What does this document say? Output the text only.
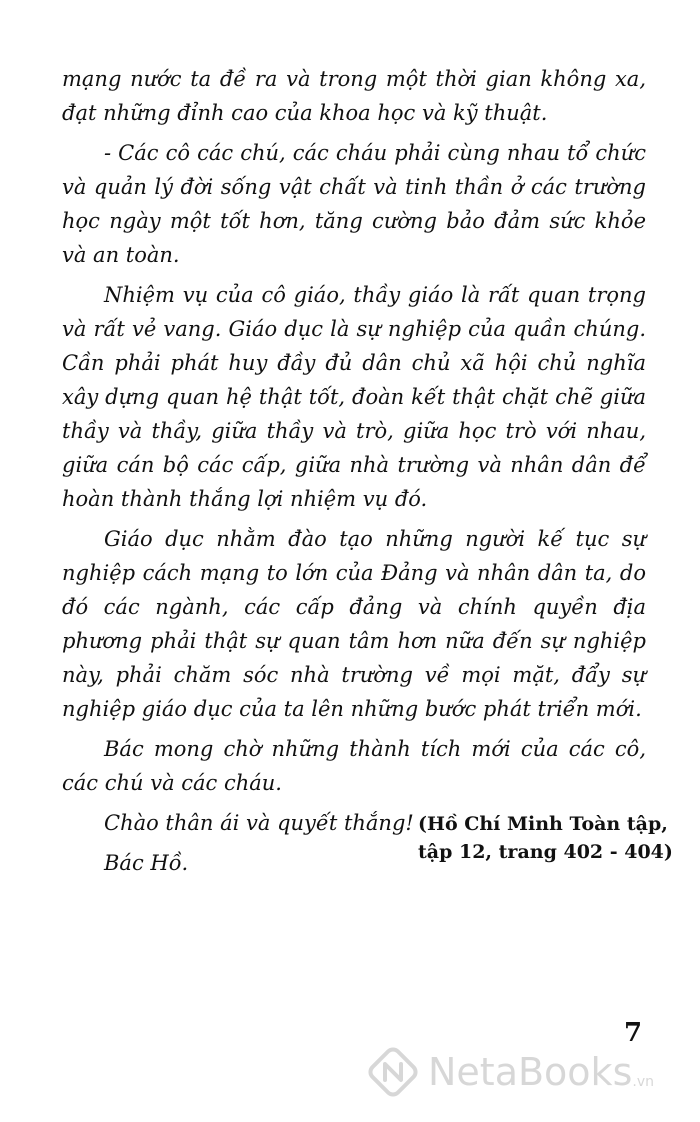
mạng nước ta đề ra và trong một thời gian không xa, đạt những đỉnh cao của khoa học và kỹ thuật.

- Các cô các chú, các cháu phải cùng nhau tổ chức và quản lý đời sống vật chất và tinh thần ở các trường học ngày một tốt hơn, tăng cường bảo đảm sức khỏe và an toàn.

Nhiệm vụ của cô giáo, thầy giáo là rất quan trọng và rất vẻ vang. Giáo dục là sự nghiệp của quần chúng. Cần phải phát huy đầy đủ dân chủ xã hội chủ nghĩa xây dựng quan hệ thật tốt, đoàn kết thật chặt chẽ giữa thầy và thầy, giữa thầy và trò, giữa học trò với nhau, giữa cán bộ các cấp, giữa nhà trường và nhân dân để hoàn thành thắng lợi nhiệm vụ đó.

Giáo dục nhằm đào tạo những người kế tục sự nghiệp cách mạng to lớn của Đảng và nhân dân ta, do đó các ngành, các cấp đảng và chính quyền địa phương phải thật sự quan tâm hơn nữa đến sự nghiệp này, phải chăm sóc nhà trường về mọi mặt, đẩy sự nghiệp giáo dục của ta lên những bước phát triển mới.

Bác mong chờ những thành tích mới của các cô, các chú và các cháu.

Chào thân ái và quyết thắng!

Bác Hồ.

(Hồ Chí Minh Toàn tập,
tập 12, trang 402 - 404)
7
NetaBooks .vn
